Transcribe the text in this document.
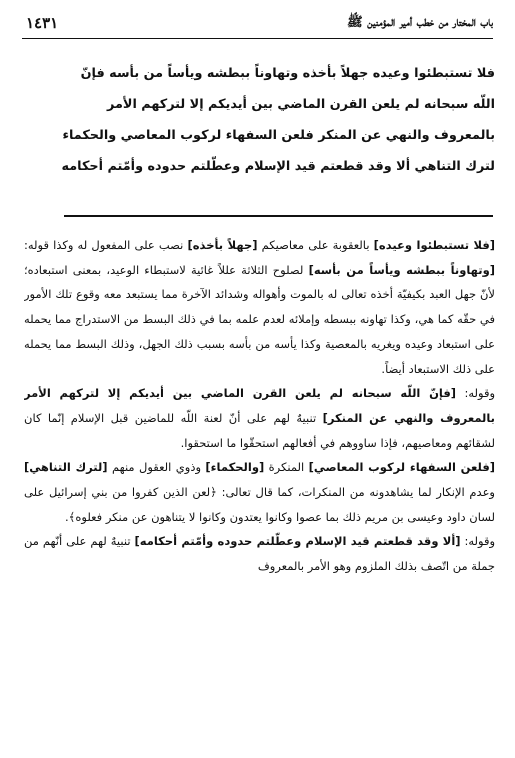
باب المختار من خطب أمير المؤمنين ﷺ
١٤٣١

فلا تستبطئوا وعيده جهلاً بأخذه وتهاوناً ببطشه ويأساً من بأسه فإنّ

اللّه سبحانه لم يلعن القرن الماضي بين أيديكم إلا لتركهم الأمر

بالمعروف والنهي عن المنكر فلعن السفهاء لركوب المعاصي والحكماء

لترك التناهي ألا وقد قطعتم قيد الإسلام وعطّلتم حدوده وأمّتم أحكامه

[فلا تستبطئوا وعيده] بالعقوبة على معاصيكم [جهلاً بأخذه] نصب على المفعول له وكذا قوله: [وتهاوناً ببطشه ويأساً من بأسه] لصلوح الثلاثة عللاً غائية لاستبطاء الوعيد، بمعنى استبعاده؛ لأنّ جهل العبد بكيفيّة أخذه تعالى له بالموت وأهواله وشدائد الآخرة مما يستبعد معه وقوع تلك الأمور في حقّه كما هي، وكذا تهاونه ببسطه وإملائه لعدم علمه بما في ذلك البسط من الاستدراج مما يحمله على استبعاد وعيده ويغريه بالمعصية وكذا يأسه من بأسه بسبب ذلك الجهل، وذلك البسط مما يحمله على ذلك الاستبعاد أيضاً.

وقوله: [فإنّ اللّه سبحانه لم يلعن القرن الماضي بين أيديكم إلا لتركهم الأمر بالمعروف والنهي عن المنكر] تنبيهٌ لهم على أنّ لعنة اللّه للماضين قبل الإسلام إنّما كان لشقائهم ومعاصيهم، فإذا ساووهم في أفعالهم استحقّوا ما استحقوا.

[فلعن السفهاء لركوب المعاصي] المنكرة [والحكماء] وذوي العقول منهم [لترك التناهي] وعدم الإنكار لما يشاهدونه من المنكرات، كما قال تعالى: ﴿لعن الذين كفروا من بني إسرائيل على لسان داود وعيسى بن مريم ذلك بما عصوا وكانوا يعتدون وكانوا لا يتناهون عن منكر فعلوه﴾.

وقوله: [ألا وقد قطعتم قيد الإسلام وعطّلتم حدوده وأمّتم أحكامه] تنبيهٌ لهم على أنّهم من جملة من اتّصف بذلك الملزوم وهو الأمر بالمعروف
